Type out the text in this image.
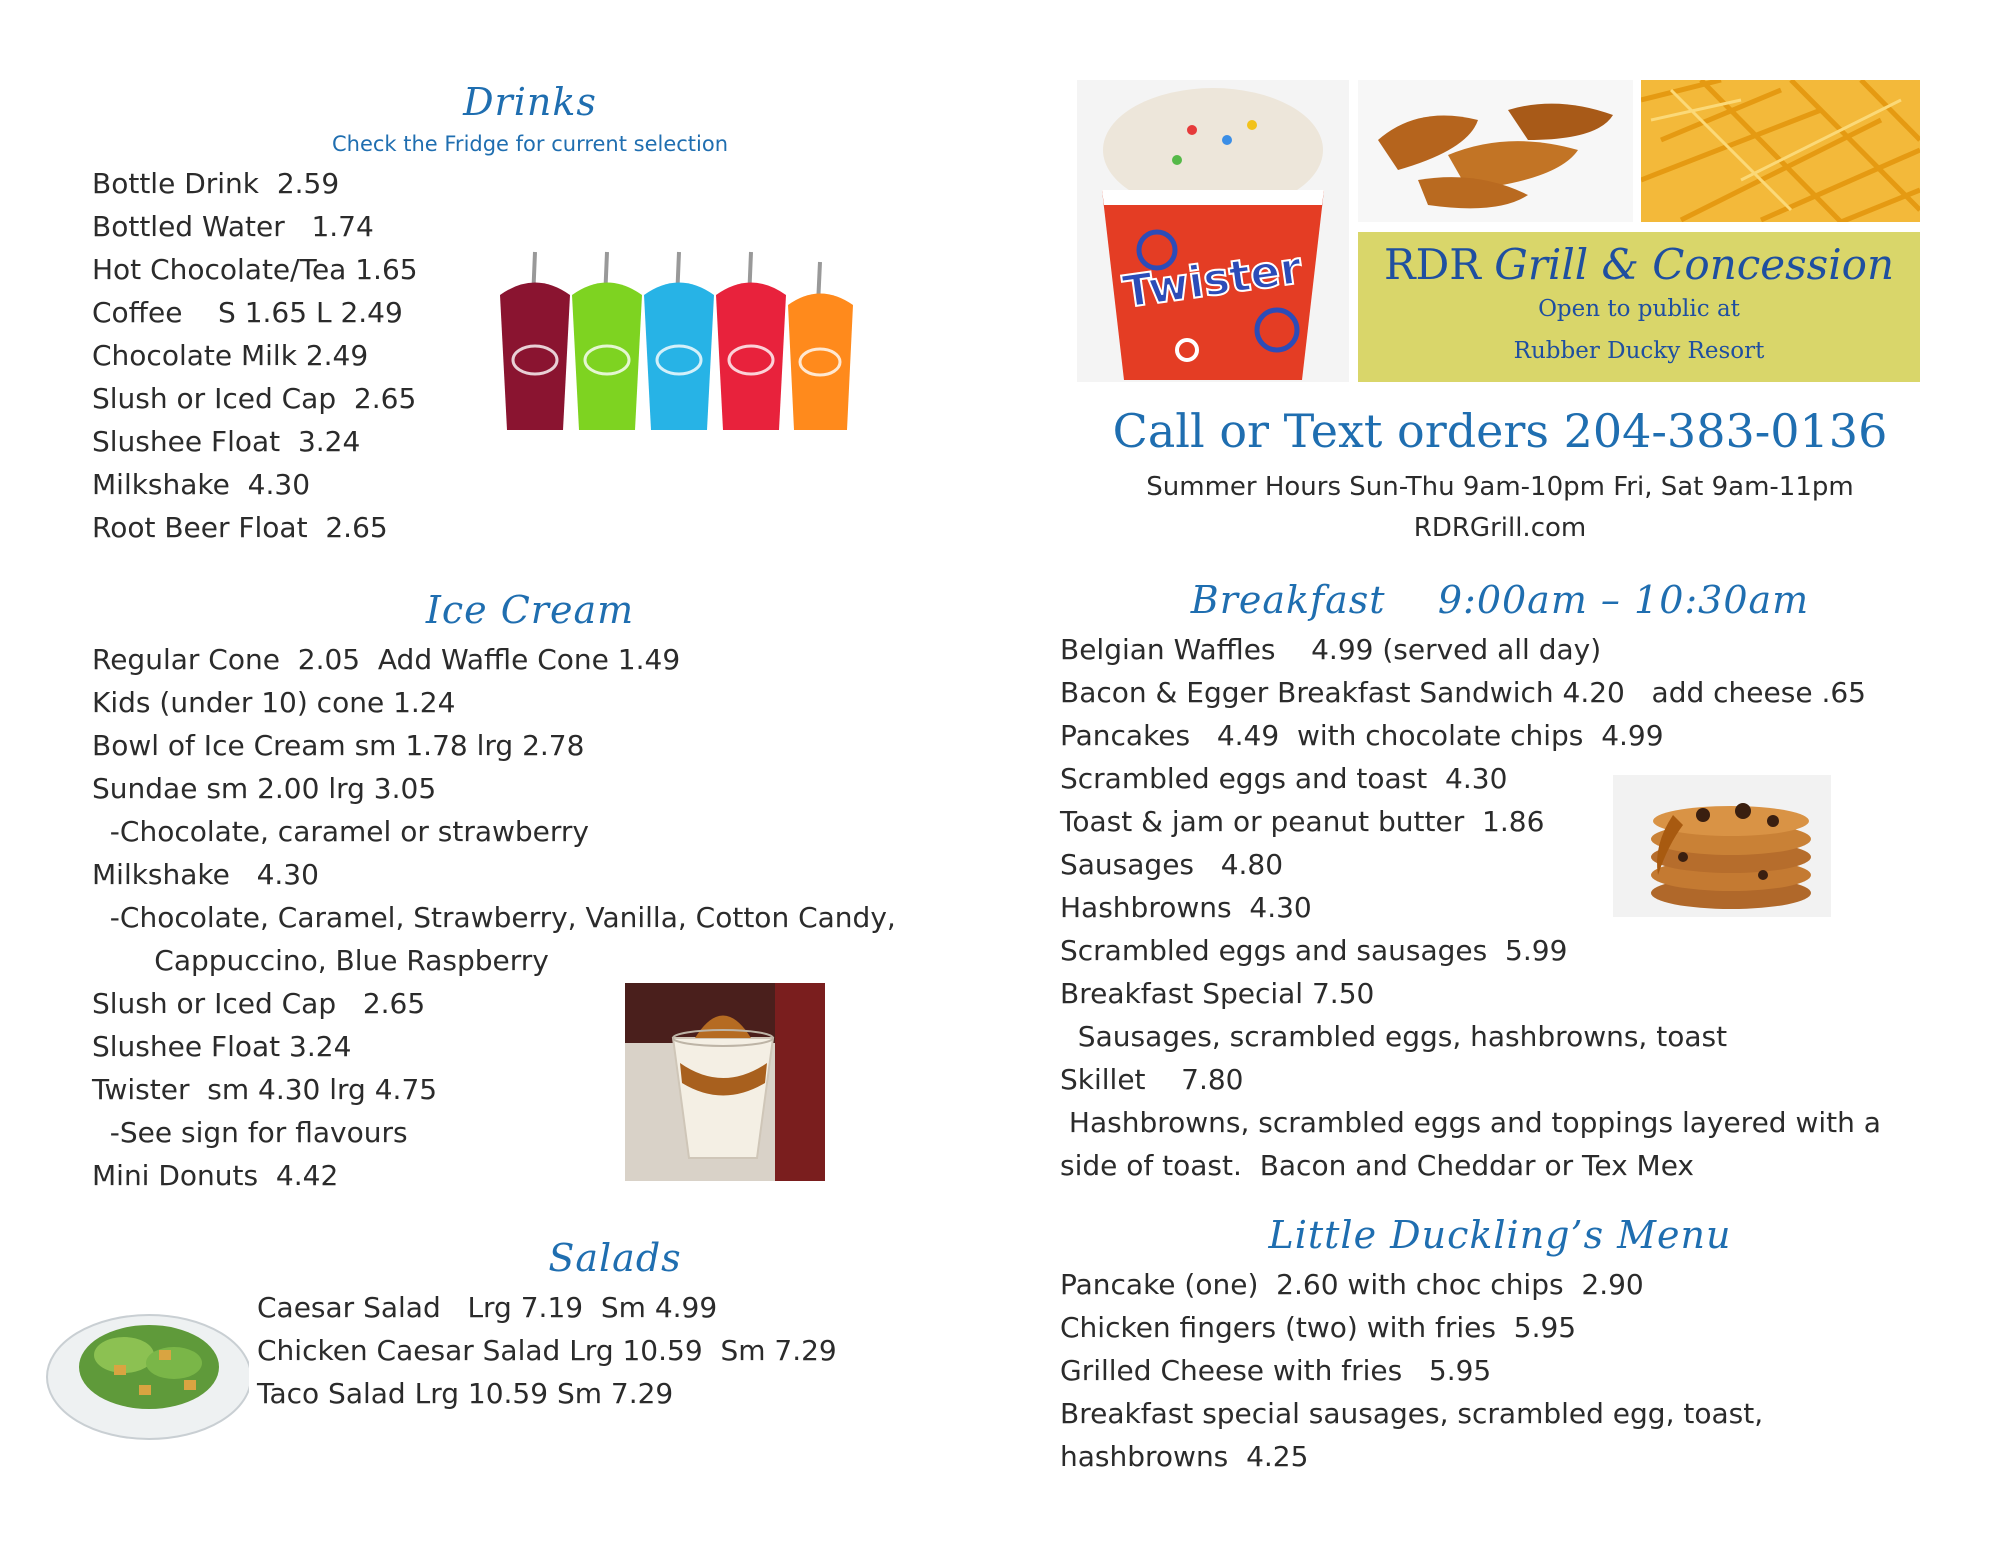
Drinks
Check the Fridge for current selection
Bottle Drink  2.59
Bottled Water   1.74
Hot Chocolate/Tea 1.65
Coffee    S 1.65 L 2.49
Chocolate Milk 2.49
Slush or Iced Cap  2.65
Slushee Float  3.24
Milkshake  4.30
Root Beer Float  2.65
Ice Cream
Regular Cone  2.05  Add Waffle Cone 1.49
Kids (under 10) cone 1.24
Bowl of Ice Cream sm 1.78 lrg 2.78
Sundae sm 2.00 lrg 3.05
-Chocolate, caramel or strawberry
Milkshake   4.30
-Chocolate, Caramel, Strawberry, Vanilla, Cotton Candy,
Cappuccino, Blue Raspberry
Slush or Iced Cap   2.65
Slushee Float 3.24
Twister  sm 4.30 lrg 4.75
-See sign for flavours
Mini Donuts  4.42
Salads
Caesar Salad   Lrg 7.19  Sm 4.99
Chicken Caesar Salad Lrg 10.59  Sm 7.29
Taco Salad Lrg 10.59 Sm 7.29
Twister	RDR Grill & Concession
Open to public at
Rubber Ducky Resort
Call or Text orders 204-383-0136
Summer Hours Sun-Thu 9am-10pm Fri, Sat 9am-11pm
RDRGrill.com
Breakfast    9:00am – 10:30am
Belgian Waffles    4.99 (served all day)
Bacon & Egger Breakfast Sandwich 4.20   add cheese .65
Pancakes   4.49  with chocolate chips  4.99
Scrambled eggs and toast  4.30
Toast & jam or peanut butter  1.86
Sausages   4.80
Hashbrowns  4.30
Scrambled eggs and sausages  5.99
Breakfast Special 7.50
Sausages, scrambled eggs, hashbrowns, toast
Skillet    7.80
Hashbrowns, scrambled eggs and toppings layered with a
side of toast.  Bacon and Cheddar or Tex Mex
Little Duckling’s Menu
Pancake (one)  2.60 with choc chips  2.90
Chicken fingers (two) with fries  5.95
Grilled Cheese with fries   5.95
Breakfast special sausages, scrambled egg, toast,
hashbrowns  4.25
